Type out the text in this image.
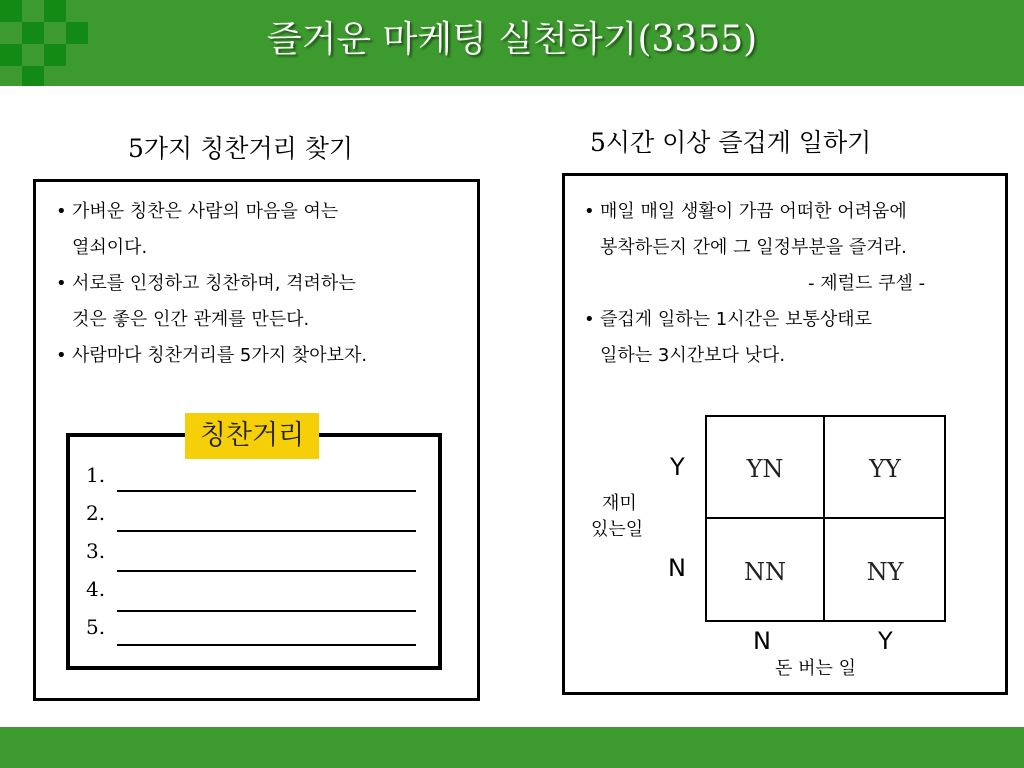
즐거운 마케팅 실천하기(3355)
5가지 칭찬거리 찾기
• 가벼운 칭찬은 사람의 마음을 여는
열쇠이다.
• 서로를 인정하고 칭찬하며, 격려하는
것은 좋은 인간 관계를 만든다.
• 사람마다 칭찬거리를 5가지 찾아보자.
칭찬거리
1.
2.
3.
4.
5.
5시간 이상 즐겁게 일하기
• 매일 매일 생활이 가끔 어떠한 어려움에
봉착하든지 간에 그 일정부분을 즐겨라.
- 제럴드 쿠셀 -
• 즐겁게 일하는 1시간은 보통상태로
일하는 3시간보다 낫다.
YN	YY
NN	NY
Y
N
재미
있는일
N	Y
돈 버는 일
